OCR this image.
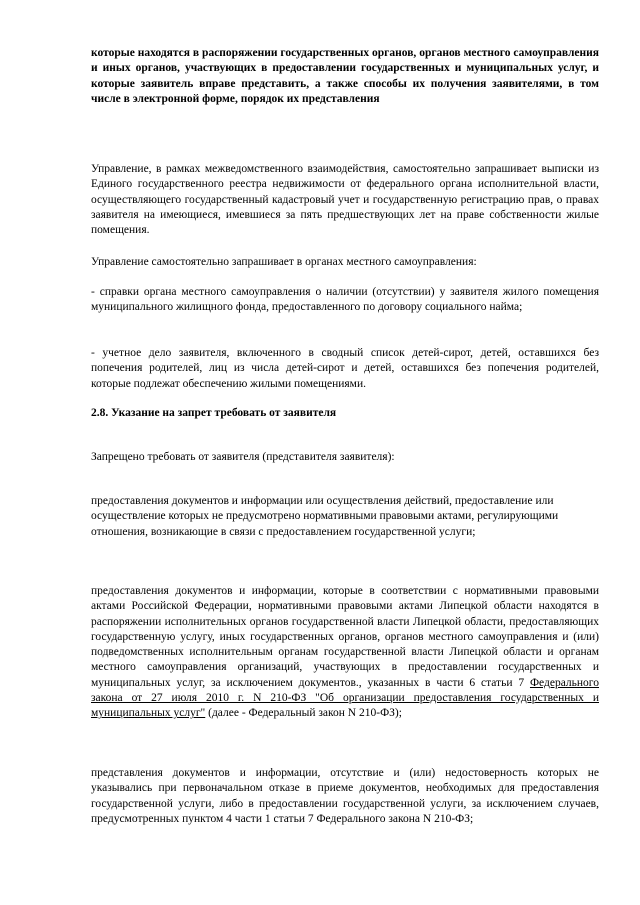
которые находятся в распоряжении государственных органов, органов местного самоуправления и иных органов, участвующих в предоставлении государственных и муниципальных услуг, и которые заявитель вправе представить, а также способы их получения заявителями, в том числе в электронной форме, порядок их представления

Управление, в рамках межведомственного взаимодействия, самостоятельно запрашивает выписки из Единого государственного реестра недвижимости от федерального органа исполнительной власти, осуществляющего государственный кадастровый учет и государственную регистрацию прав, о правах заявителя на имеющиеся, имевшиеся за пять предшествующих лет на праве собственности жилые помещения.

Управление самостоятельно запрашивает в органах местного самоуправления:

- справки органа местного самоуправления о наличии (отсутствии) у заявителя жилого помещения муниципального жилищного фонда, предоставленного по договору социального найма;

- учетное дело заявителя, включенного в сводный список детей-сирот, детей, оставшихся без попечения родителей, лиц из числа детей-сирот и детей, оставшихся без попечения родителей, которые подлежат обеспечению жилыми помещениями.

2.8. Указание на запрет требовать от заявителя

Запрещено требовать от заявителя (представителя заявителя):

предоставления документов и информации или осуществления действий, предоставление или осуществление которых не предусмотрено нормативными правовыми актами, регулирующими отношения, возникающие в связи с предоставлением государственной услуги;

предоставления документов и информации, которые в соответствии с нормативными правовыми актами Российской Федерации, нормативными правовыми актами Липецкой области находятся в распоряжении исполнительных органов государственной власти Липецкой области, предоставляющих государственную услугу, иных государственных органов, органов местного самоуправления и (или) подведомственных исполнительным органам государственной власти Липецкой области и органам местного самоуправления организаций, участвующих в предоставлении государственных и муниципальных услуг, за исключением документов., указанных в части 6 статьи 7 Федерального закона от 27 июля 2010 г. N 210-ФЗ "Об организации предоставления государственных и муниципальных услуг" (далее - Федеральный закон N 210-ФЗ);

представления документов и информации, отсутствие и (или) недостоверность которых не указывались при первоначальном отказе в приеме документов, необходимых для предоставления государственной услуги, либо в предоставлении государственной услуги, за исключением случаев, предусмотренных пунктом 4 части 1 статьи 7 Федерального закона N 210-ФЗ;
